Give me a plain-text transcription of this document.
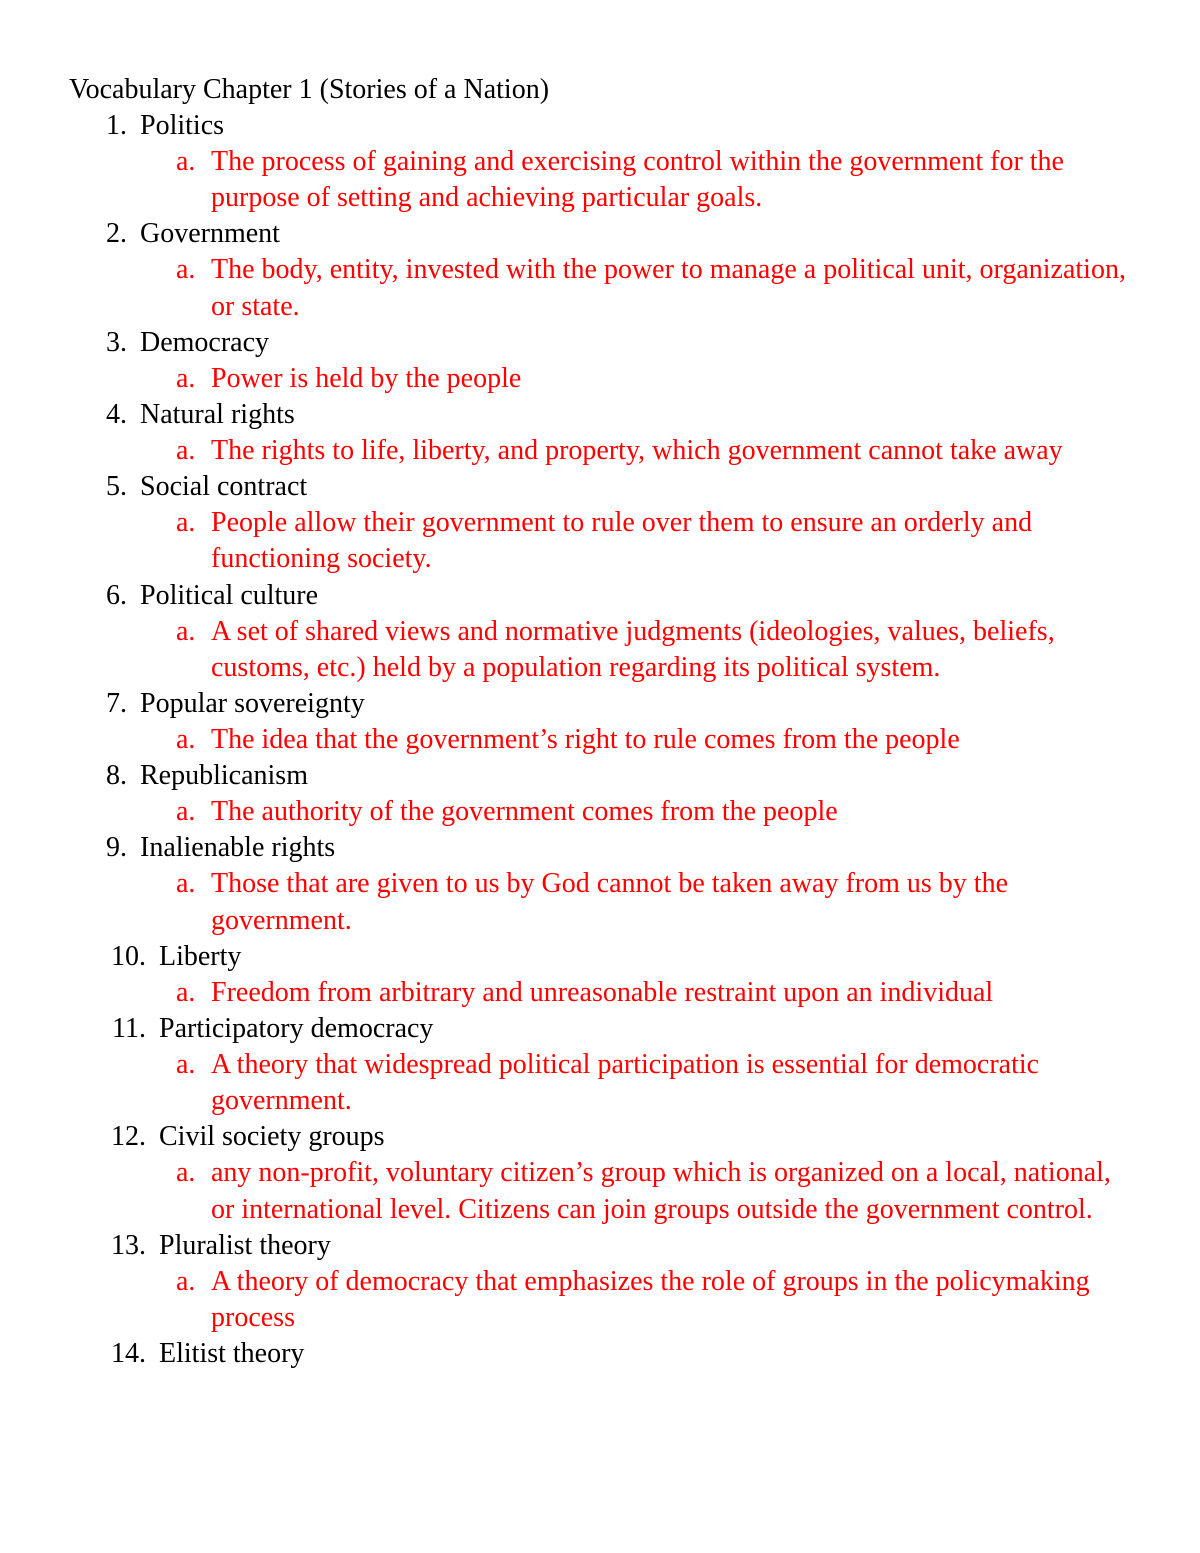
Vocabulary Chapter 1 (Stories of a Nation)
1. Politics
a. The process of gaining and exercising control within the government for the purpose of setting and achieving particular goals.
2. Government
a. The body, entity, invested with the power to manage a political unit, organization, or state.
3. Democracy
a. Power is held by the people
4. Natural rights
a. The rights to life, liberty, and property, which government cannot take away
5. Social contract
a. People allow their government to rule over them to ensure an orderly and functioning society.
6. Political culture
a. A set of shared views and normative judgments (ideologies, values, beliefs, customs, etc.) held by a population regarding its political system.
7. Popular sovereignty
a. The idea that the government’s right to rule comes from the people
8. Republicanism
a. The authority of the government comes from the people
9. Inalienable rights
a. Those that are given to us by God cannot be taken away from us by the government.
10. Liberty
a. Freedom from arbitrary and unreasonable restraint upon an individual
11. Participatory democracy
a. A theory that widespread political participation is essential for democratic government.
12. Civil society groups
a. any non-profit, voluntary citizen’s group which is organized on a local, national, or international level. Citizens can join groups outside the government control.
13. Pluralist theory
a. A theory of democracy that emphasizes the role of groups in the policymaking process
14. Elitist theory
